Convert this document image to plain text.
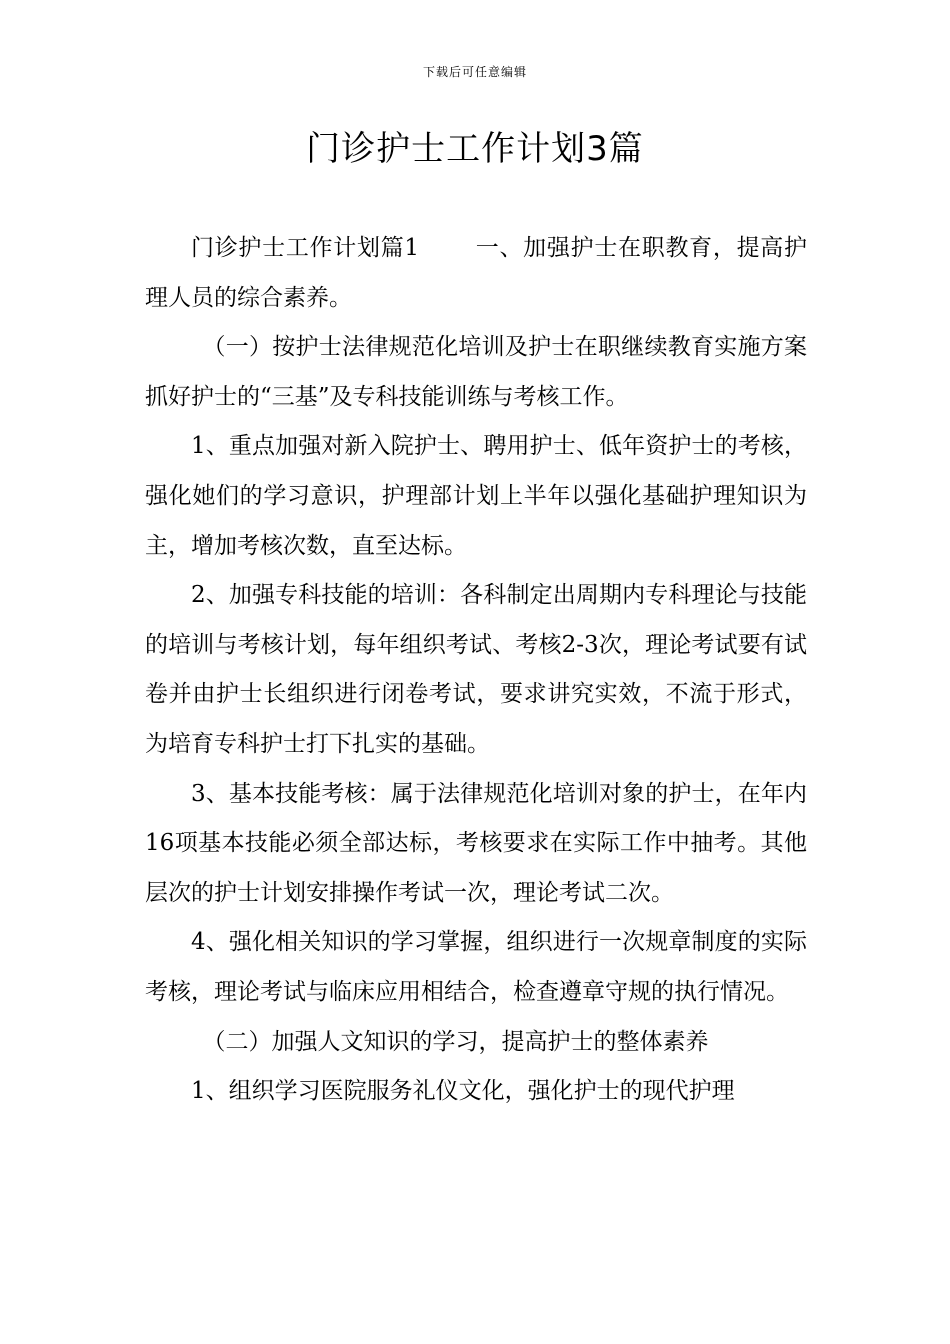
下载后可任意编辑
门诊护士工作计划3篇

门诊护士工作计划篇1 一、加强护士在职教育，提高护理人员的综合素养。

（一）按护士法律规范化培训及护士在职继续教育实施方案抓好护士的“三基”及专科技能训练与考核工作。

1、重点加强对新入院护士、聘用护士、低年资护士的考核，强化她们的学习意识，护理部计划上半年以强化基础护理知识为主，增加考核次数，直至达标。

2、加强专科技能的培训：各科制定出周期内专科理论与技能的培训与考核计划，每年组织考试、考核2-3次，理论考试要有试卷并由护士长组织进行闭卷考试，要求讲究实效，不流于形式，为培育专科护士打下扎实的基础。

3、基本技能考核：属于法律规范化培训对象的护士，在年内16项基本技能必须全部达标，考核要求在实际工作中抽考。其他层次的护士计划安排操作考试一次，理论考试二次。

4、强化相关知识的学习掌握，组织进行一次规章制度的实际考核，理论考试与临床应用相结合，检查遵章守规的执行情况。

（二）加强人文知识的学习，提高护士的整体素养

1、组织学习医院服务礼仪文化，强化护士的现代护理
